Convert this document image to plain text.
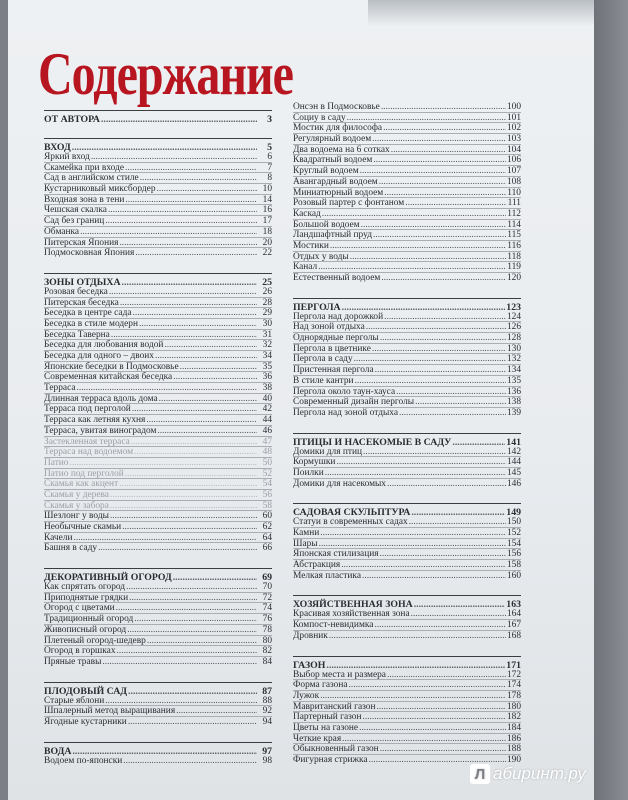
Содержание
ОТ АВТОРА .....	3
ВХОД .....	5
Яркий вход .....	6
Скамейка при входе .....	7
Сад в английском стиле .....	8
Кустарниковый миксбордер .....	10
Входная зона в тени .....	14
Чешская скалка .....	16
Сад без границ .....	17
Обманка .....	18
Питерская Япония .....	20
Подмосковная Япония .....	22
ЗОНЫ ОТДЫХА .....	25
Розовая беседка .....	26
Питерская беседка .....	28
Беседка в центре сада .....	29
Беседка в стиле модерн .....	30
Беседка Таверна .....	31
Беседка для любования водой .....	32
Беседка для одного – двоих .....	34
Японские беседки в Подмосковье .....	35
Современная китайская беседка .....	36
Терраса .....	38
Длинная терраса вдоль дома .....	40
Терраса под перголой .....	42
Терраса как летняя кухня .....	44
Терраса, увитая виноградом .....	46
Застекленная терраса .....	47
Терраса над водоемом .....	48
Патио .....	50
Патио под перголой .....	52
Скамья как акцент .....	54
Скамья у дерева .....	56
Скамья у забора .....	58
Шезлонг у воды .....	60
Необычные скамьи .....	62
Качели .....	64
Башня в саду .....	66
ДЕКОРАТИВНЫЙ ОГОРОД .....	69
Как спрятать огород .....	70
Приподнятые грядки .....	72
Огород с цветами .....	74
Традиционный огород .....	76
Живописный огород .....	78
Плетеный огород-шедевр .....	80
Огород в горшках .....	82
Пряные травы .....	84
ПЛОДОВЫЙ САД .....	87
Старые яблони .....	88
Шпалерный метод выращивания .....	92
Ягодные кустарники .....	94
ВОДА .....	97
Водоем по-японски .....	98
Онсэн в Подмосковье .....	100
Социу в саду .....	101
Мостик для философа .....	102
Регулярный водоем .....	103
Два водоема на 6 сотках .....	104
Квадратный водоем .....	106
Круглый водоем .....	107
Авангардный водоем .....	108
Миниатюрный водоем .....	110
Розовый партер с фонтаном .....	111
Каскад .....	112
Большой водоем .....	114
Ландшафтный пруд .....	115
Мостики .....	116
Отдых у воды .....	118
Канал .....	119
Естественный водоем .....	120
ПЕРГОЛА .....	123
Пергола над дорожкой .....	124
Над зоной отдыха .....	126
Однорядные перголы .....	128
Пергола в цветнике .....	130
Пергола в саду .....	132
Пристенная пергола .....	134
В стиле кантри .....	135
Пергола около таун-хауса .....	136
Современный дизайн перголы .....	138
Пергола над зоной отдыха .....	139
ПТИЦЫ И НАСЕКОМЫЕ В САДУ .....	141
Домики для птиц .....	142
Кормушки .....	144
Поилки .....	145
Домики для насекомых .....	146
САДОВАЯ СКУЛЬПТУРА .....	149
Статуи в современных садах .....	150
Камни .....	152
Шары .....	154
Японская стилизация .....	156
Абстракция .....	158
Мелкая пластика .....	160
ХОЗЯЙСТВЕННАЯ ЗОНА .....	163
Красивая хозяйственная зона .....	164
Компост-невидимка .....	167
Дровник .....	168
ГАЗОН .....	171
Выбор места и размера .....	172
Форма газона .....	174
Лужок .....	178
Мавританский газон .....	180
Партерный газон .....	182
Цветы на газоне .....	184
Четкие края .....	186
Обыкновенный газон .....	188
Фигурная стрижка .....	190
Л абиринт.ру
